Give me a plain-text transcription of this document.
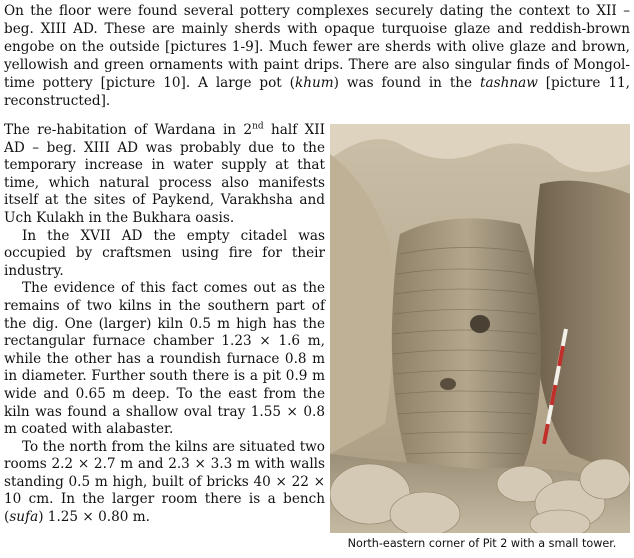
On the floor were found several pottery complexes securely dating the context to XII – beg. XIII AD. These are mainly sherds with opaque turquoise glaze and reddish-brown engobe on the outside [pictures 1-9]. Much fewer are sherds with olive glaze and brown, yellowish and green ornaments with paint drips. There are also singular finds of Mongol-time pottery [picture 10]. A large pot (khum) was found in the tashnaw [picture 11, reconstructed].

The re-habitation of Wardana in 2nd half XII AD – beg. XIII AD was probably due to the temporary increase in water supply at that time, which natural process also manifests itself at the sites of Paykend, Varakhsha and Uch Kulakh in the Bukhara oasis.

In the XVII AD the empty citadel was occupied by craftsmen using fire for their industry.

The evidence of this fact comes out as the remains of two kilns in the southern part of the dig. One (larger) kiln 0.5 m high has the rectangular furnace chamber 1.23 × 1.6 m, while the other has a roundish furnace 0.8 m in diameter. Further south there is a pit 0.9 m wide and 0.65 m deep. To the east from the kiln was found a shallow oval tray 1.55 × 0.8 m coated with alabaster.

To the north from the kilns are situated two rooms 2.2 × 2.7 m and 2.3 × 3.3 m with walls standing 0.5 m high, built of bricks 40 × 22 × 10 cm. In the larger room there is a bench (sufa) 1.25 × 0.80 m.

North-eastern corner of Pit 2 with a small tower.
